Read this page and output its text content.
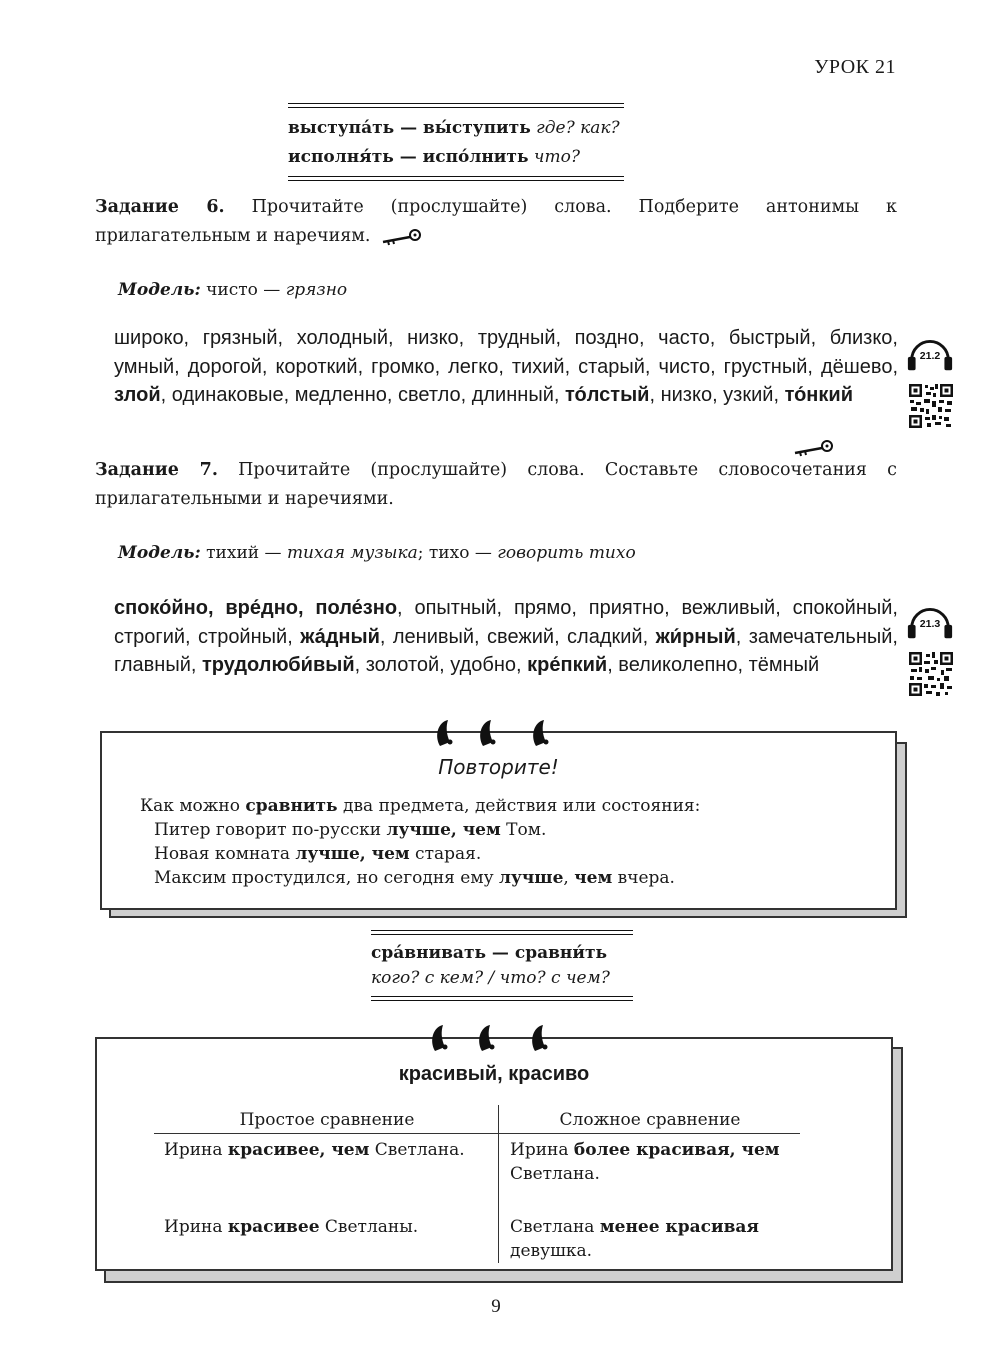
УРОК 21
выступа́ть — вы́ступить где? как?
исполня́ть — испо́лнить что?
Задание 6. Прочитайте (прослушайте) слова. Подберите антонимы к прилагательным и наречиям.
Модель: чисто — грязно
широко, грязный, холодный, низко, трудный, поздно, часто, быстрый, близко, умный, дорогой, короткий, громко, легко, тихий, старый, чисто, грустный, дёшево, злой, одинаковые, медленно, светло, длинный, то́лстый, низко, узкий, то́нкий
21.2
Задание 7. Прочитайте (прослушайте) слова. Составьте словосочетания с прилагательными и наречиями.
Модель: тихий — тихая музыка; тихо — говорить тихо
споко́йно, вре́дно, поле́зно, опытный, прямо, приятно, вежливый, спокойный, строгий, стройный, жа́дный, ленивый, свежий, сладкий, жи́рный, замечательный, главный, трудолюби́вый, золотой, удобно, кре́пкий, великолепно, тёмный
21.3
Повторите!
Как можно сравнить два предмета, действия или состояния:
Питер говорит по-русски лучше, чем Том.
Новая комната лучше, чем старая.
Максим простудился, но сегодня ему лучше, чем вчера.
сра́внивать — сравни́ть
кого? с кем? / что? с чем?
красивый, красиво
Простое сравнение	Сложное сравнение
Ирина красивее, чем Светлана.	Ирина более красивая, чем
Светлана.
Ирина красивее Светланы.	Светлана менее красивая
девушка.
9
